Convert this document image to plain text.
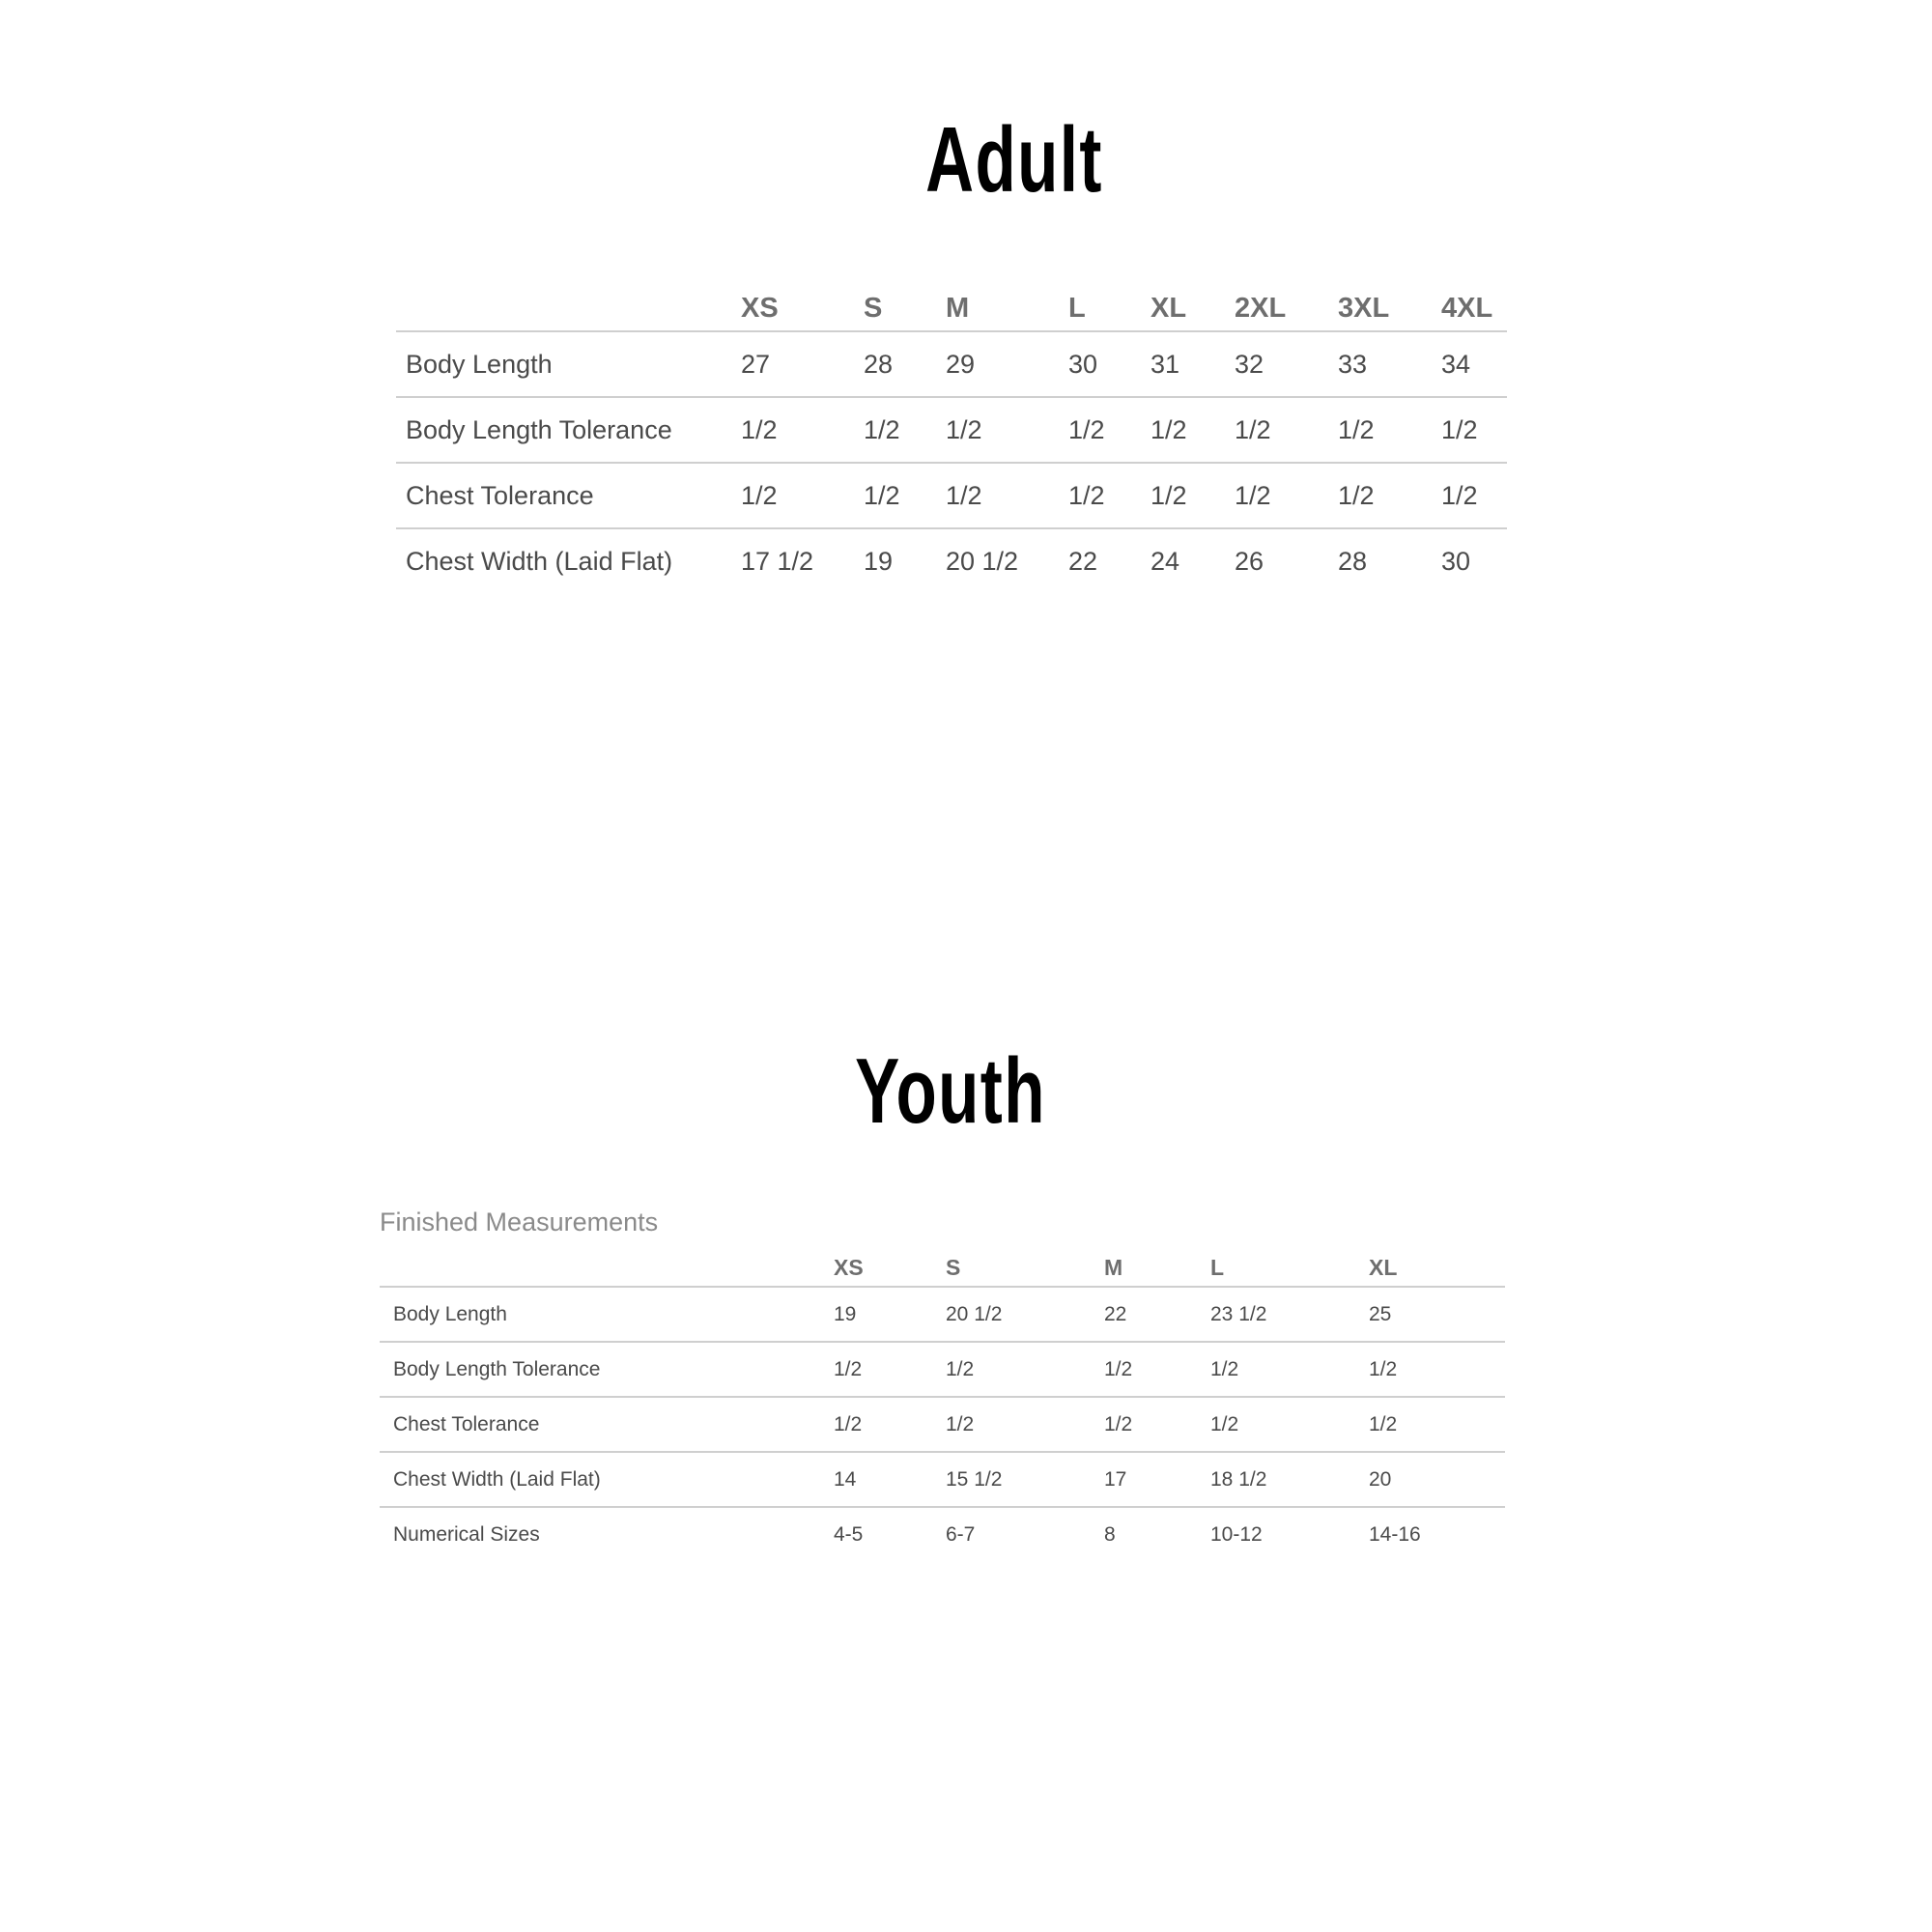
Adult
	XS	S	M	L	XL	2XL	3XL	4XL
Body Length	27	28	29	30	31	32	33	34
Body Length Tolerance	1/2	1/2	1/2	1/2	1/2	1/2	1/2	1/2
Chest Tolerance	1/2	1/2	1/2	1/2	1/2	1/2	1/2	1/2
Chest Width (Laid Flat)	17 1/2	19	20 1/2	22	24	26	28	30
Youth
Finished Measurements
	XS	S	M	L	XL
Body Length	19	20 1/2	22	23 1/2	25
Body Length Tolerance	1/2	1/2	1/2	1/2	1/2
Chest Tolerance	1/2	1/2	1/2	1/2	1/2
Chest Width (Laid Flat)	14	15 1/2	17	18 1/2	20
Numerical Sizes	4-5	6-7	8	10-12	14-16
